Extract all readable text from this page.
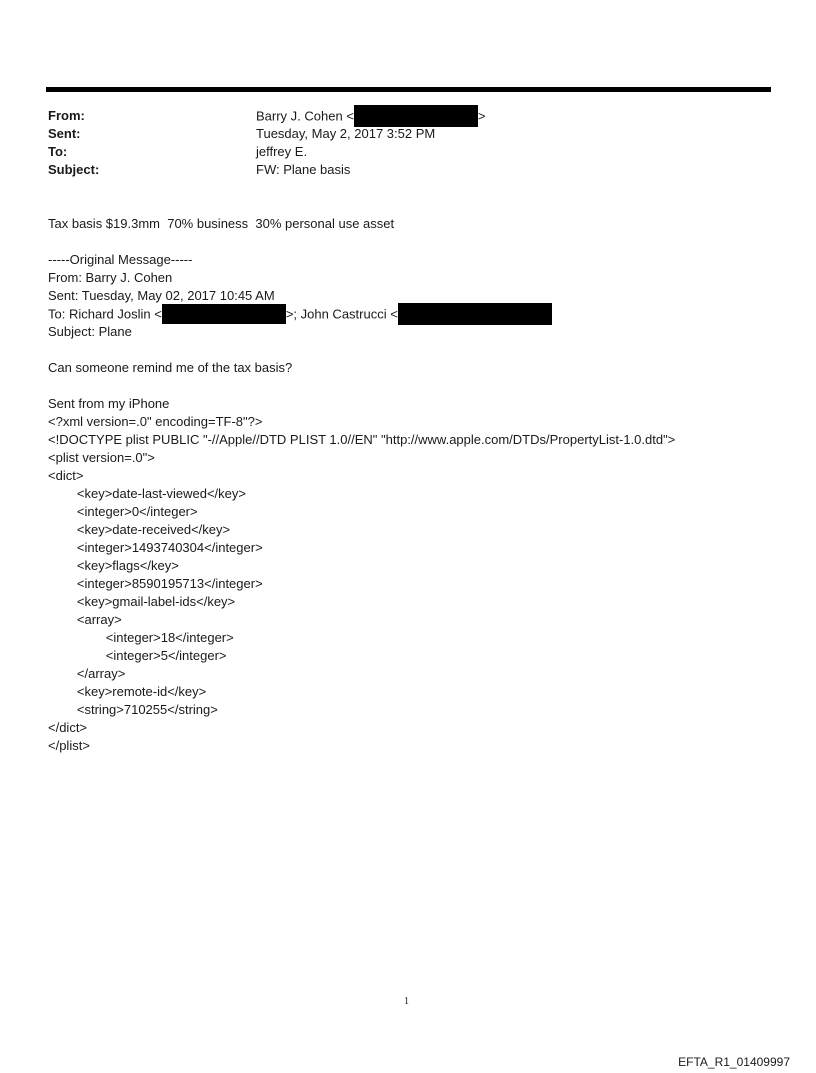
From:	Barry J. Cohen <	>
Sent:	Tuesday, May 2, 2017 3:52 PM
To:	jeffrey E.
Subject:	FW: Plane basis
Tax basis $19.3mm  70% business  30% personal use asset
-----Original Message-----
From: Barry J. Cohen
Sent: Tuesday, May 02, 2017 10:45 AM
To: Richard Joslin <	>; John Castrucci <
Subject: Plane
Can someone remind me of the tax basis?
Sent from my iPhone
<?xml version=.0" encoding=TF-8"?>
<!DOCTYPE plist PUBLIC "-//Apple//DTD PLIST 1.0//EN" "http://www.apple.com/DTDs/PropertyList-1.0.dtd">
<plist version=.0">
<dict>
<key>date-last-viewed</key>
<integer>0</integer>
<key>date-received</key>
<integer>1493740304</integer>
<key>flags</key>
<integer>8590195713</integer>
<key>gmail-label-ids</key>
<array>
<integer>18</integer>
<integer>5</integer>
</array>
<key>remote-id</key>
<string>710255</string>
</dict>
</plist>
1
EFTA_R1_01409997
